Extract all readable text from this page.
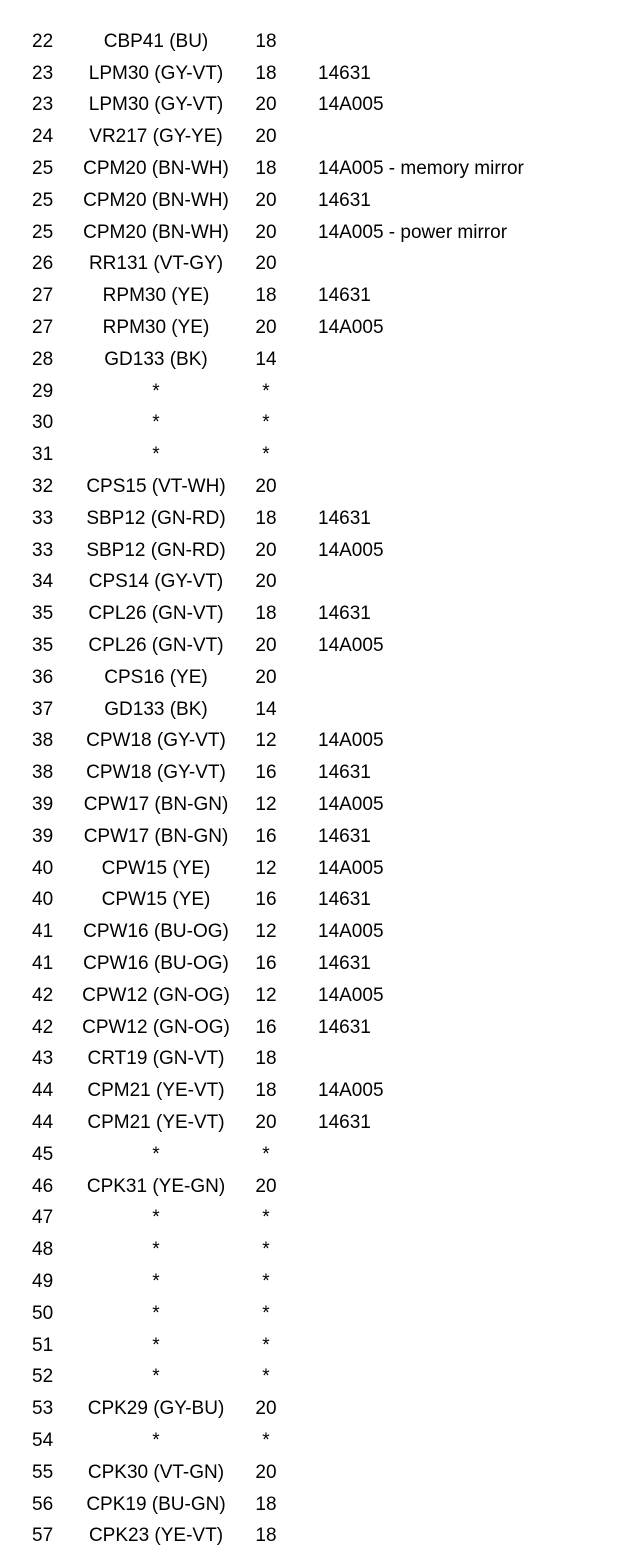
22	CBP41 (BU)	18
23	LPM30 (GY-VT)	18	14631
23	LPM30 (GY-VT)	20	14A005
24	VR217 (GY-YE)	20
25	CPM20 (BN-WH)	18	14A005 - memory mirror
25	CPM20 (BN-WH)	20	14631
25	CPM20 (BN-WH)	20	14A005 - power mirror
26	RR131 (VT-GY)	20
27	RPM30 (YE)	18	14631
27	RPM30 (YE)	20	14A005
28	GD133 (BK)	14
29	*	*
30	*	*
31	*	*
32	CPS15 (VT-WH)	20
33	SBP12 (GN-RD)	18	14631
33	SBP12 (GN-RD)	20	14A005
34	CPS14 (GY-VT)	20
35	CPL26 (GN-VT)	18	14631
35	CPL26 (GN-VT)	20	14A005
36	CPS16 (YE)	20
37	GD133 (BK)	14
38	CPW18 (GY-VT)	12	14A005
38	CPW18 (GY-VT)	16	14631
39	CPW17 (BN-GN)	12	14A005
39	CPW17 (BN-GN)	16	14631
40	CPW15 (YE)	12	14A005
40	CPW15 (YE)	16	14631
41	CPW16 (BU-OG)	12	14A005
41	CPW16 (BU-OG)	16	14631
42	CPW12 (GN-OG)	12	14A005
42	CPW12 (GN-OG)	16	14631
43	CRT19 (GN-VT)	18
44	CPM21 (YE-VT)	18	14A005
44	CPM21 (YE-VT)	20	14631
45	*	*
46	CPK31 (YE-GN)	20
47	*	*
48	*	*
49	*	*
50	*	*
51	*	*
52	*	*
53	CPK29 (GY-BU)	20
54	*	*
55	CPK30 (VT-GN)	20
56	CPK19 (BU-GN)	18
57	CPK23 (YE-VT)	18
